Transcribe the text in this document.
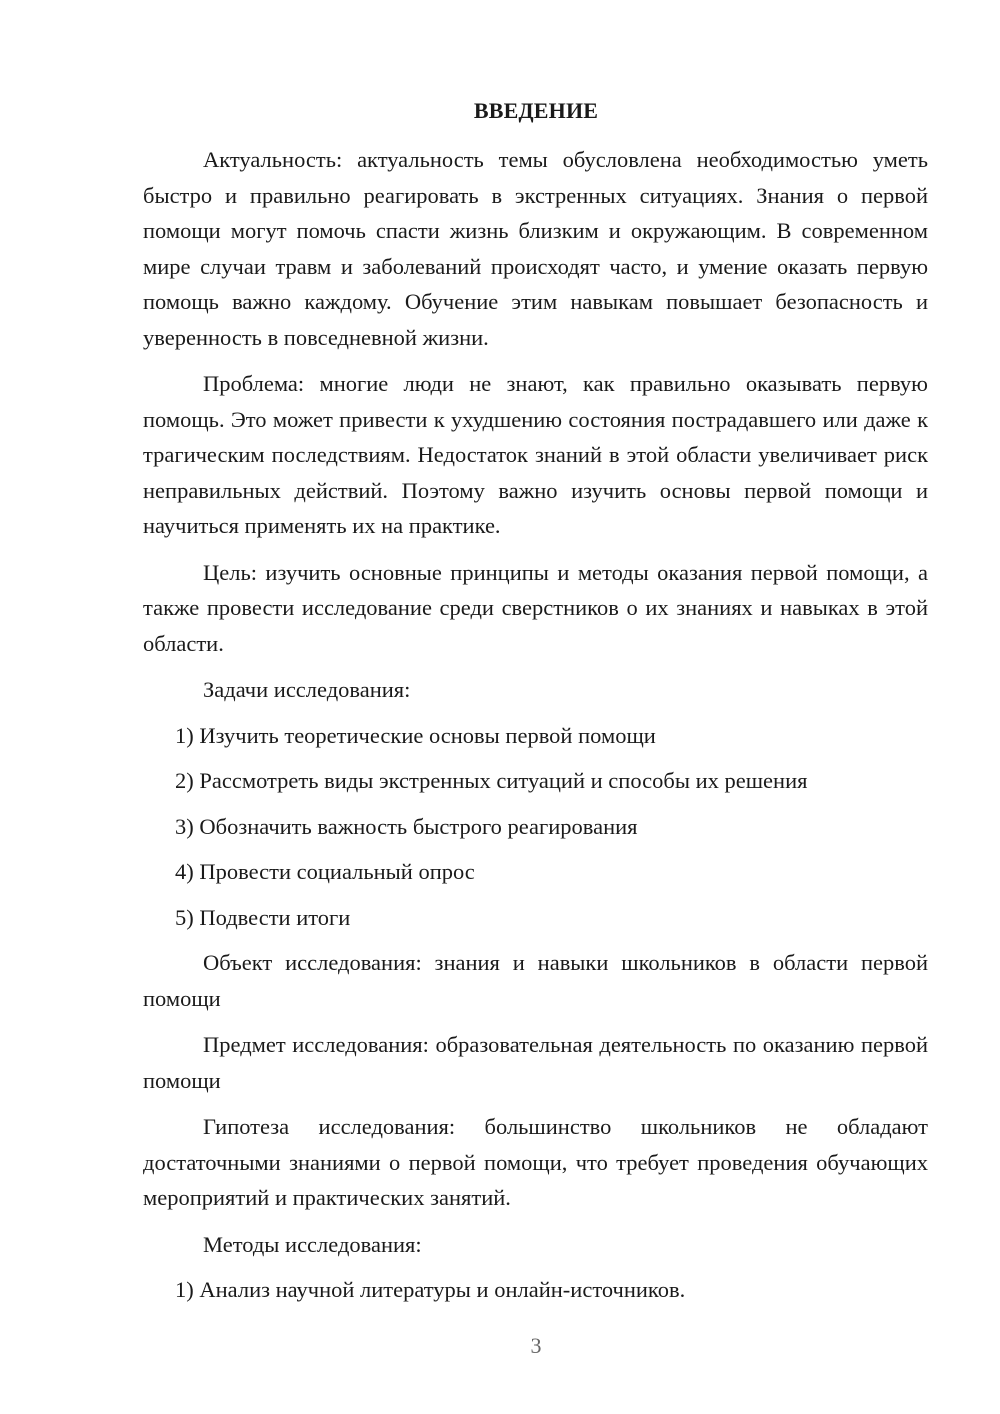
ВВЕДЕНИЕ

Актуальность: актуальность темы обусловлена необходимостью уметь быстро и правильно реагировать в экстренных ситуациях. Знания о первой помощи могут помочь спасти жизнь близким и окружающим. В современном мире случаи травм и заболеваний происходят часто, и умение оказать первую помощь важно каждому. Обучение этим навыкам повышает безопасность и уверенность в повседневной жизни.

Проблема: многие люди не знают, как правильно оказывать первую помощь. Это может привести к ухудшению состояния пострадавшего или даже к трагическим последствиям. Недостаток знаний в этой области увеличивает риск неправильных действий. Поэтому важно изучить основы первой помощи и научиться применять их на практике.

Цель: изучить основные принципы и методы оказания первой помощи, а также провести исследование среди сверстников о их знаниях и навыках в этой области.

Задачи исследования:

1) Изучить теоретические основы первой помощи

2) Рассмотреть виды экстренных ситуаций и способы их решения

3) Обозначить важность быстрого реагирования

4) Провести социальный опрос

5) Подвести итоги

Объект исследования: знания и навыки школьников в области первой помощи

Предмет исследования: образовательная деятельность по оказанию первой помощи

Гипотеза исследования: большинство школьников не обладают достаточными знаниями о первой помощи, что требует проведения обучающих мероприятий и практических занятий.

Методы исследования:

1) Анализ научной литературы и онлайн-источников.

3
